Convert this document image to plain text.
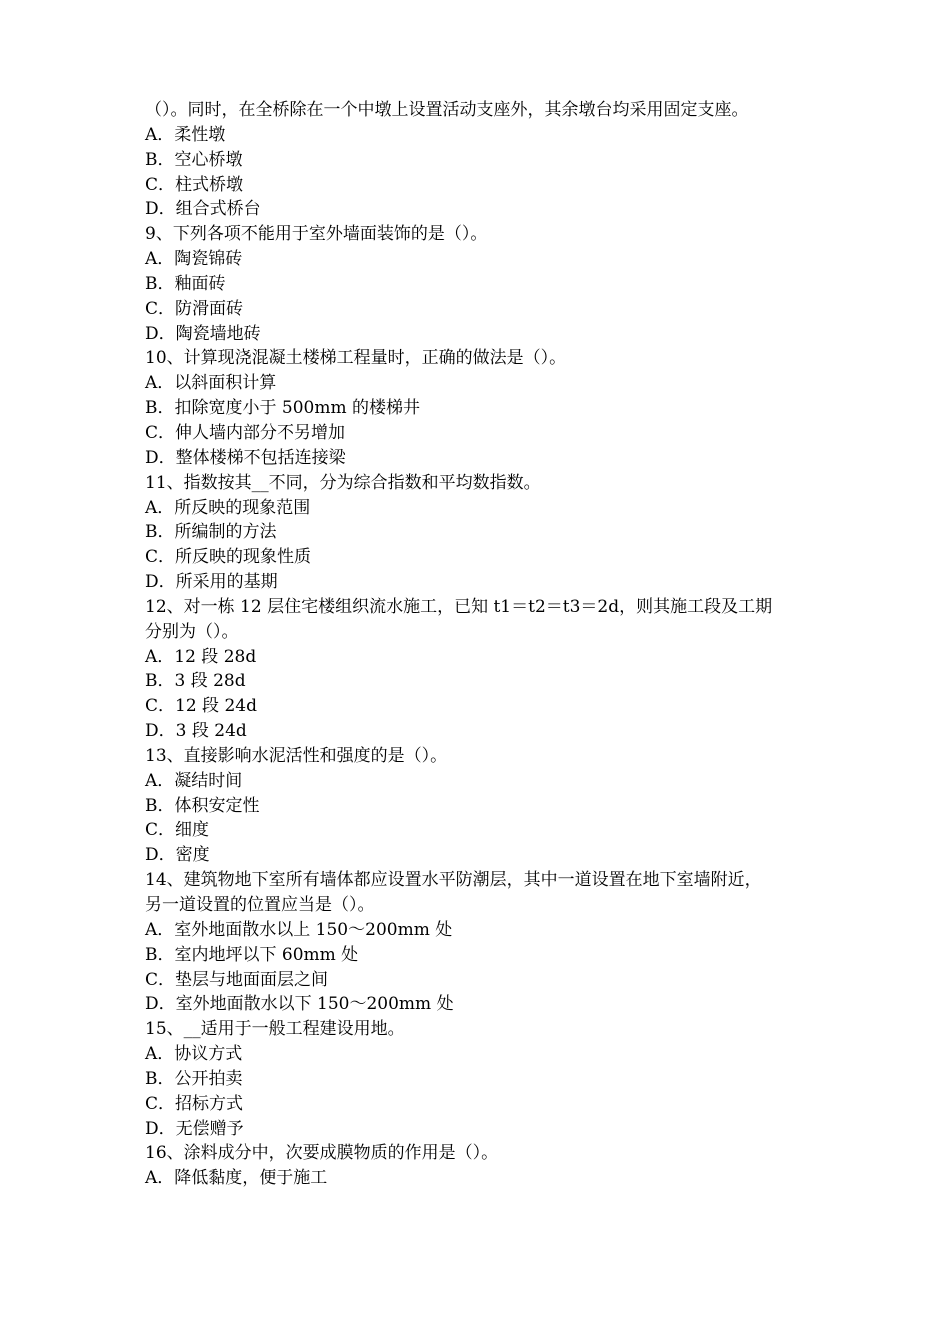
（）。同时，在全桥除在一个中墩上设置活动支座外，其余墩台均采用固定支座。
A．柔性墩
B．空心桥墩
C．柱式桥墩
D．组合式桥台
9、下列各项不能用于室外墙面装饰的是（）。
A．陶瓷锦砖
B．釉面砖
C．防滑面砖
D．陶瓷墙地砖
10、计算现浇混凝土楼梯工程量时，正确的做法是（）。
A．以斜面积计算
B．扣除宽度小于 500mm 的楼梯井
C．伸人墙内部分不另增加
D．整体楼梯不包括连接梁
11、指数按其__不同，分为综合指数和平均数指数。
A．所反映的现象范围
B．所编制的方法
C．所反映的现象性质
D．所采用的基期
12、对一栋 12 层住宅楼组织流水施工，已知 t1＝t2＝t3＝2d，则其施工段及工期
分别为（）。
A．12 段 28d
B．3 段 28d
C．12 段 24d
D．3 段 24d
13、直接影响水泥活性和强度的是（）。
A．凝结时间
B．体积安定性
C．细度
D．密度
14、建筑物地下室所有墙体都应设置水平防潮层，其中一道设置在地下室墙附近，
另一道设置的位置应当是（）。
A．室外地面散水以上 150～200mm 处
B．室内地坪以下 60mm 处
C．垫层与地面面层之间
D．室外地面散水以下 150～200mm 处
15、__适用于一般工程建设用地。
A．协议方式
B．公开拍卖
C．招标方式
D．无偿赠予
16、涂料成分中，次要成膜物质的作用是（）。
A．降低黏度，便于施工
